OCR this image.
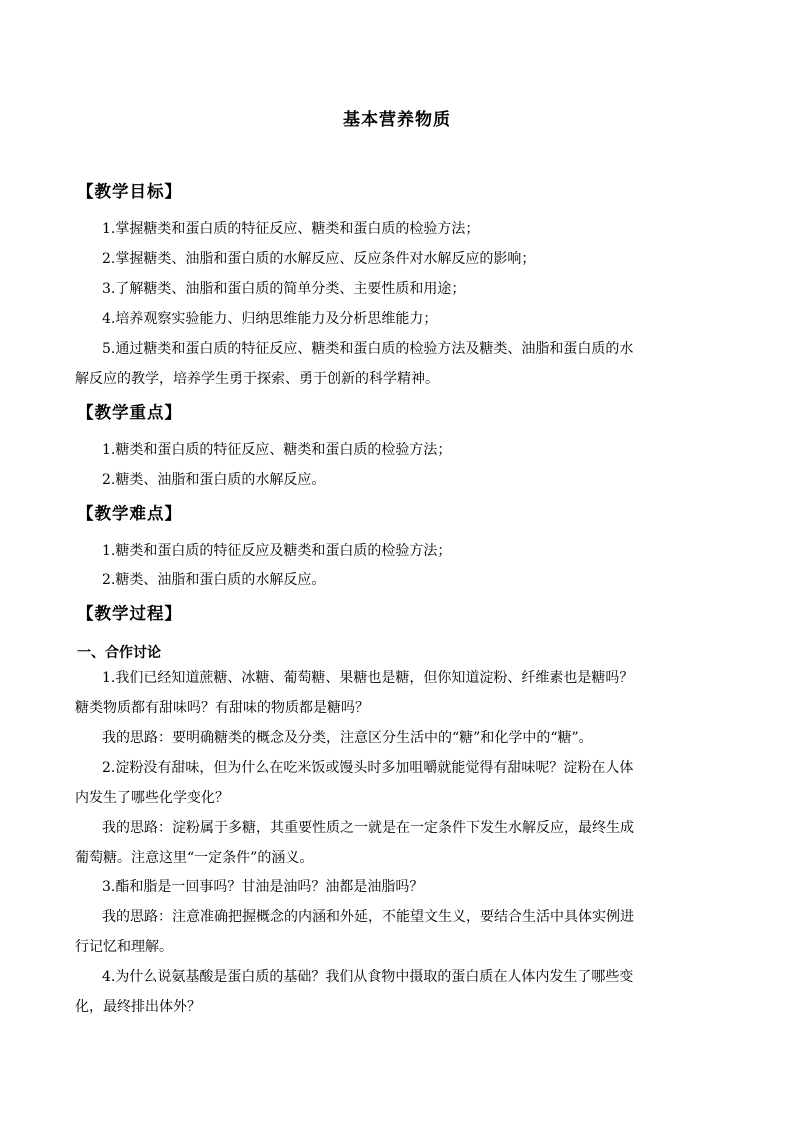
基本营养物质
【教学目标】
1.掌握糖类和蛋白质的特征反应、糖类和蛋白质的检验方法；
2.掌握糖类、油脂和蛋白质的水解反应、反应条件对水解反应的影响；
3.了解糖类、油脂和蛋白质的简单分类、主要性质和用途；
4.培养观察实验能力、归纳思维能力及分析思维能力；
5.通过糖类和蛋白质的特征反应、糖类和蛋白质的检验方法及糖类、油脂和蛋白质的水
解反应的教学，培养学生勇于探索、勇于创新的科学精神。
【教学重点】
1.糖类和蛋白质的特征反应、糖类和蛋白质的检验方法；
2.糖类、油脂和蛋白质的水解反应。
【教学难点】
1.糖类和蛋白质的特征反应及糖类和蛋白质的检验方法；
2.糖类、油脂和蛋白质的水解反应。
【教学过程】
一、合作讨论
1.我们已经知道蔗糖、冰糖、葡萄糖、果糖也是糖，但你知道淀粉、纤维素也是糖吗？
糖类物质都有甜味吗？有甜味的物质都是糖吗？
我的思路：要明确糖类的概念及分类，注意区分生活中的“糖”和化学中的“糖”。
2.淀粉没有甜味，但为什么在吃米饭或馒头时多加咀嚼就能觉得有甜味呢？淀粉在人体
内发生了哪些化学变化？
我的思路：淀粉属于多糖，其重要性质之一就是在一定条件下发生水解反应，最终生成
葡萄糖。注意这里“一定条件”的涵义。
3.酯和脂是一回事吗？甘油是油吗？油都是油脂吗？
我的思路：注意准确把握概念的内涵和外延，不能望文生义，要结合生活中具体实例进
行记忆和理解。
4.为什么说氨基酸是蛋白质的基础？我们从食物中摄取的蛋白质在人体内发生了哪些变
化，最终排出体外？
